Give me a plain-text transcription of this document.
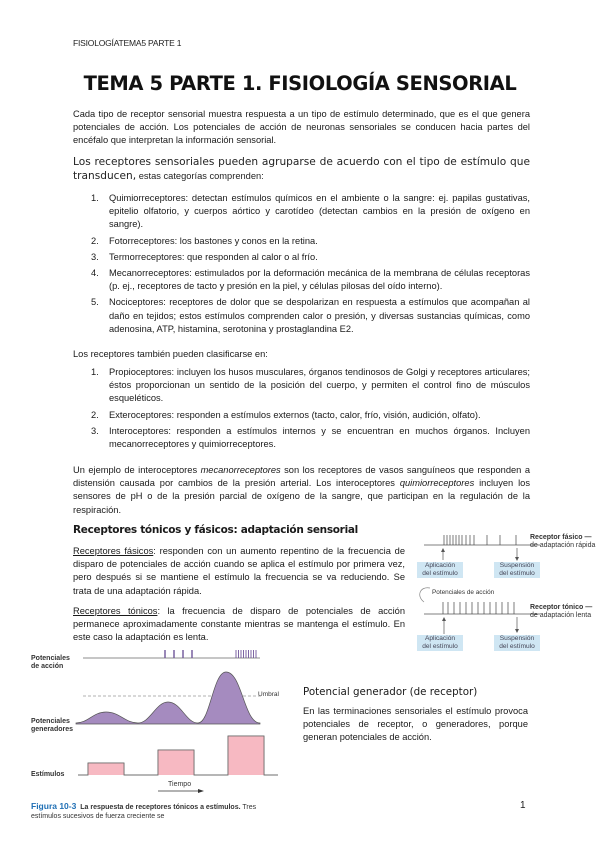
FISIOLOGÍATEMA5 PARTE 1
TEMA 5 PARTE 1. FISIOLOGÍA SENSORIAL
Cada tipo de receptor sensorial muestra respuesta a un tipo de estímulo determinado, que es el que genera potenciales de acción. Los potenciales de acción de neuronas sensoriales se conducen hacia partes del encéfalo que interpretan la información sensorial.
Los receptores sensoriales pueden agruparse de acuerdo con el tipo de estímulo que transducen, estas categorías comprenden:
1. Quimiorreceptores: detectan estímulos químicos en el ambiente o la sangre: ej. papilas gustativas, epitelio olfatorio, y cuerpos aórtico y carotídeo (detectan cambios en la presión de oxígeno en sangre).
2. Fotorreceptores: los bastones y conos en la retina.
3. Termorreceptores: que responden al calor o al frío.
4. Mecanorreceptores: estimulados por la deformación mecánica de la membrana de células receptoras (p. ej., receptores de tacto y presión en la piel, y células pilosas del oído interno).
5. Nociceptores: receptores de dolor que se despolarizan en respuesta a estímulos que acompañan al daño en tejidos; estos estímulos comprenden calor o presión, y diversas sustancias químicas, como adenosina, ATP, histamina, serotonina y prostaglandina E2.
Los receptores también pueden clasificarse en:
1. Propioceptores: incluyen los husos musculares, órganos tendinosos de Golgi y receptores articulares; éstos proporcionan un sentido de la posición del cuerpo, y permiten el control fino de músculos esqueléticos.
2. Exteroceptores: responden a estímulos externos (tacto, calor, frío, visión, audición, olfato).
3. Interoceptores: responden a estímulos internos y se encuentran en muchos órganos. Incluyen mecanorreceptores y quimiorreceptores.
Un ejemplo de interoceptores mecanorreceptores son los receptores de vasos sanguíneos que responden a distensión causada por cambios de la presión arterial. Los interoceptores quimiorreceptores incluyen los sensores de pH o de la presión parcial de oxígeno de la sangre, que participan en la regulación de la respiración.
Receptores tónicos y fásicos: adaptación sensorial
Receptores fásicos: responden con un aumento repentino de la frecuencia de disparo de potenciales de acción cuando se aplica el estímulo por primera vez, pero después si se mantiene el estímulo la frecuencia se va reduciendo. Se trata de una adaptación rápida.
Receptores tónicos: la frecuencia de disparo de potenciales de acción permanece aproximadamente constante mientras se mantenga el estímulo. En este caso la adaptación es lenta.
Receptor fásico —
de adaptación rápida
Aplicación
del estímulo
Suspensión
del estímulo
Potenciales de acción
Receptor tónico —
de adaptación lenta
Aplicación
del estímulo
Suspensión
del estímulo
Potenciales
de acción
Potenciales
generadores
Umbral
Estímulos
Tiempo
Figura 10-3 La respuesta de receptores tónicos a estímulos. Tres estímulos sucesivos de fuerza creciente se
Potencial generador (de receptor)
En las terminaciones sensoriales el estímulo provoca potenciales de receptor, o generadores, porque generan potenciales de acción.
1
